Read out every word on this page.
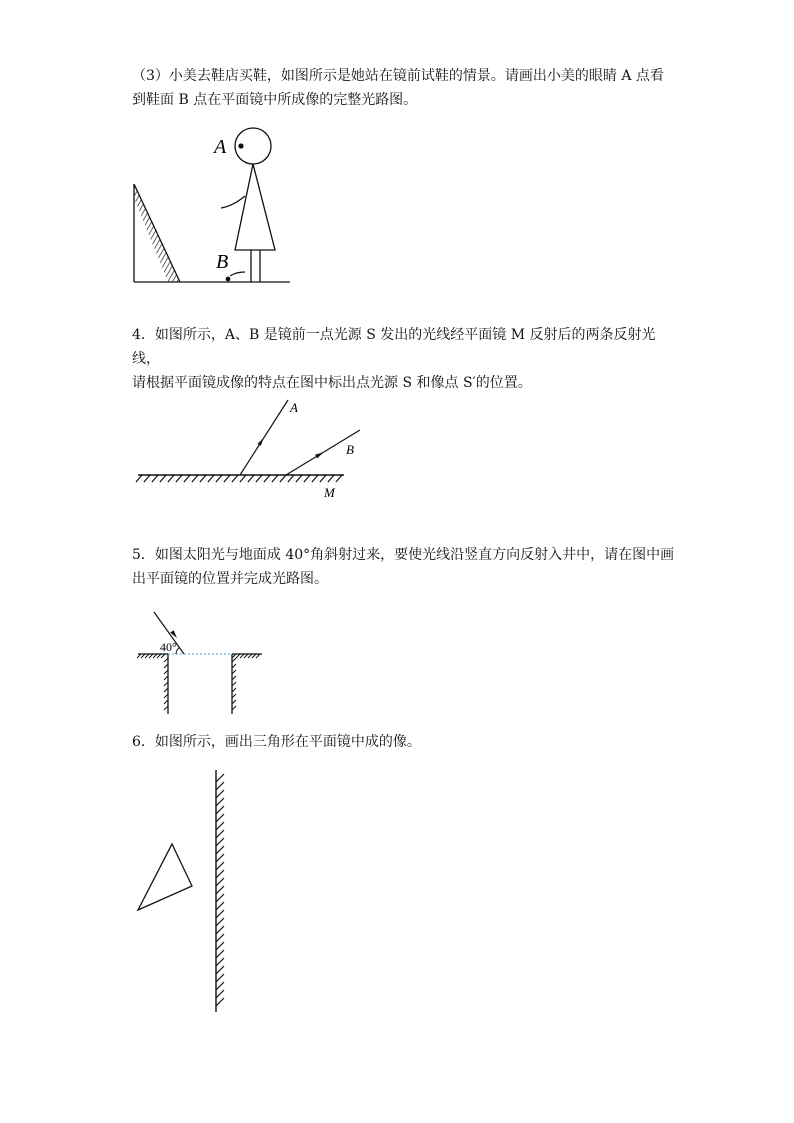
（3）小美去鞋店买鞋，如图所示是她站在镜前试鞋的情景。请画出小美的眼睛 A 点看

到鞋面 B 点在平面镜中所成像的完整光路图。

A
B

4．如图所示，A、B 是镜前一点光源 S 发出的光线经平面镜 M 反射后的两条反射光线，

请根据平面镜成像的特点在图中标出点光源 S 和像点 S′的位置。

A
B
M

5．如图太阳光与地面成 40°角斜射过来，要使光线沿竖直方向反射入井中，请在图中画

出平面镜的位置并完成光路图。

40°

6．如图所示，画出三角形在平面镜中成的像。
